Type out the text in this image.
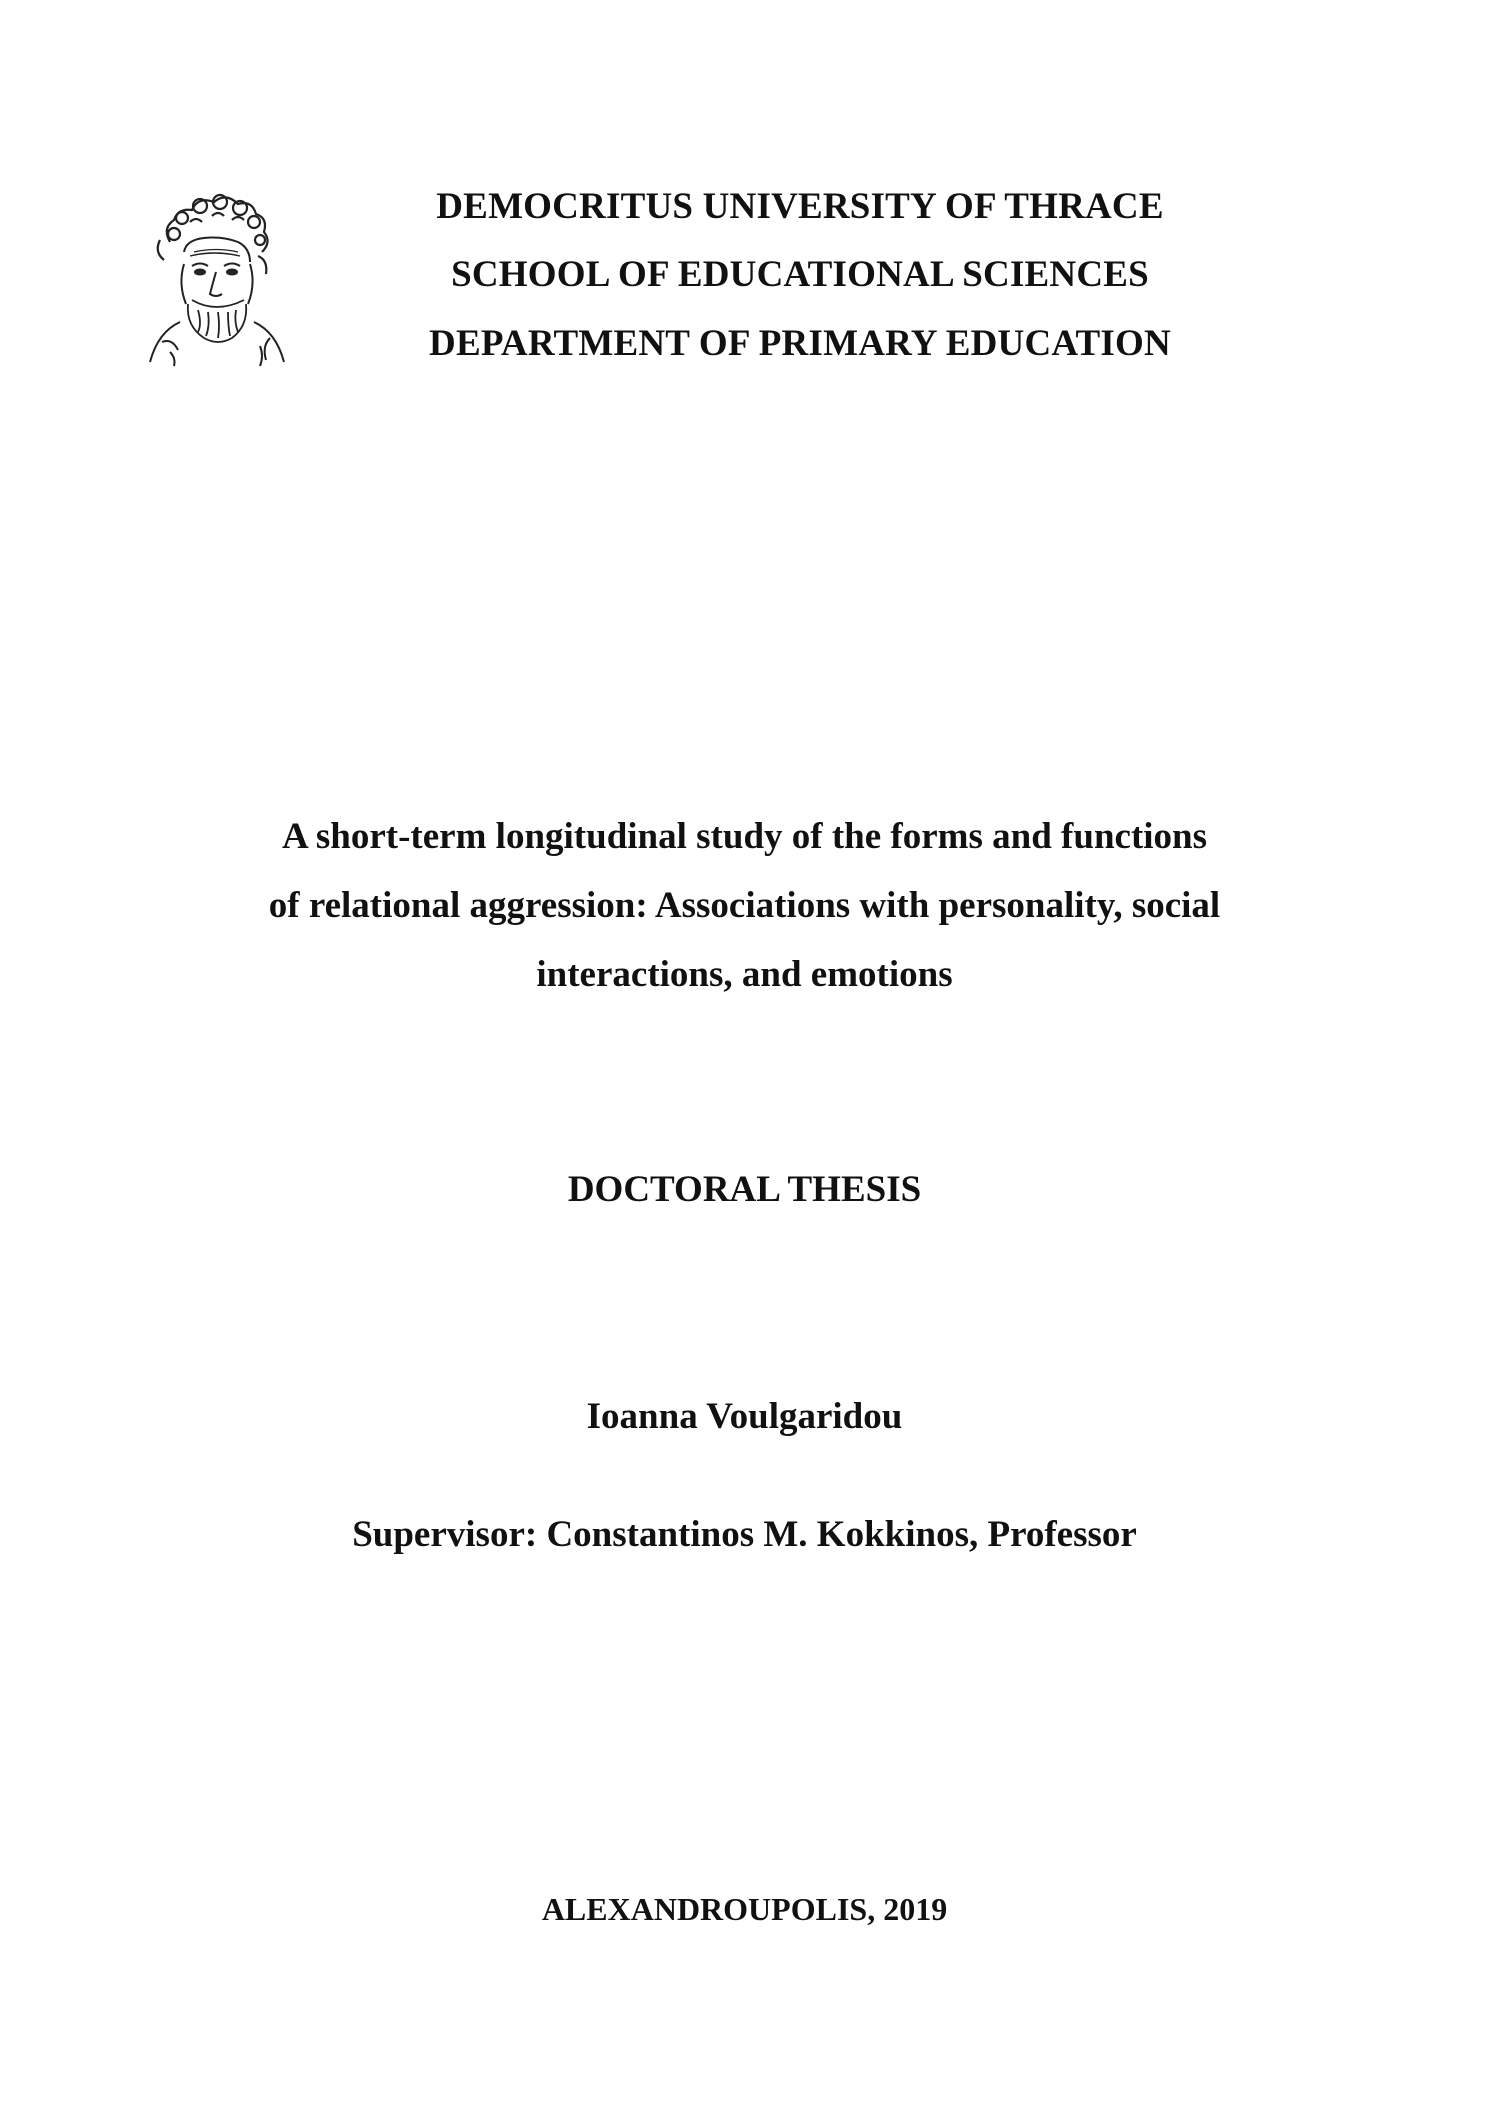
DEMOCRITUS UNIVERSITY OF THRACE
SCHOOL OF EDUCATIONAL SCIENCES
DEPARTMENT OF PRIMARY EDUCATION
A short-term longitudinal study of the forms and functions
of relational aggression: Associations with personality, social
interactions, and emotions
DOCTORAL THESIS
Ioanna Voulgaridou
Supervisor: Constantinos M. Kokkinos, Professor
ALEXANDROUPOLIS, 2019
